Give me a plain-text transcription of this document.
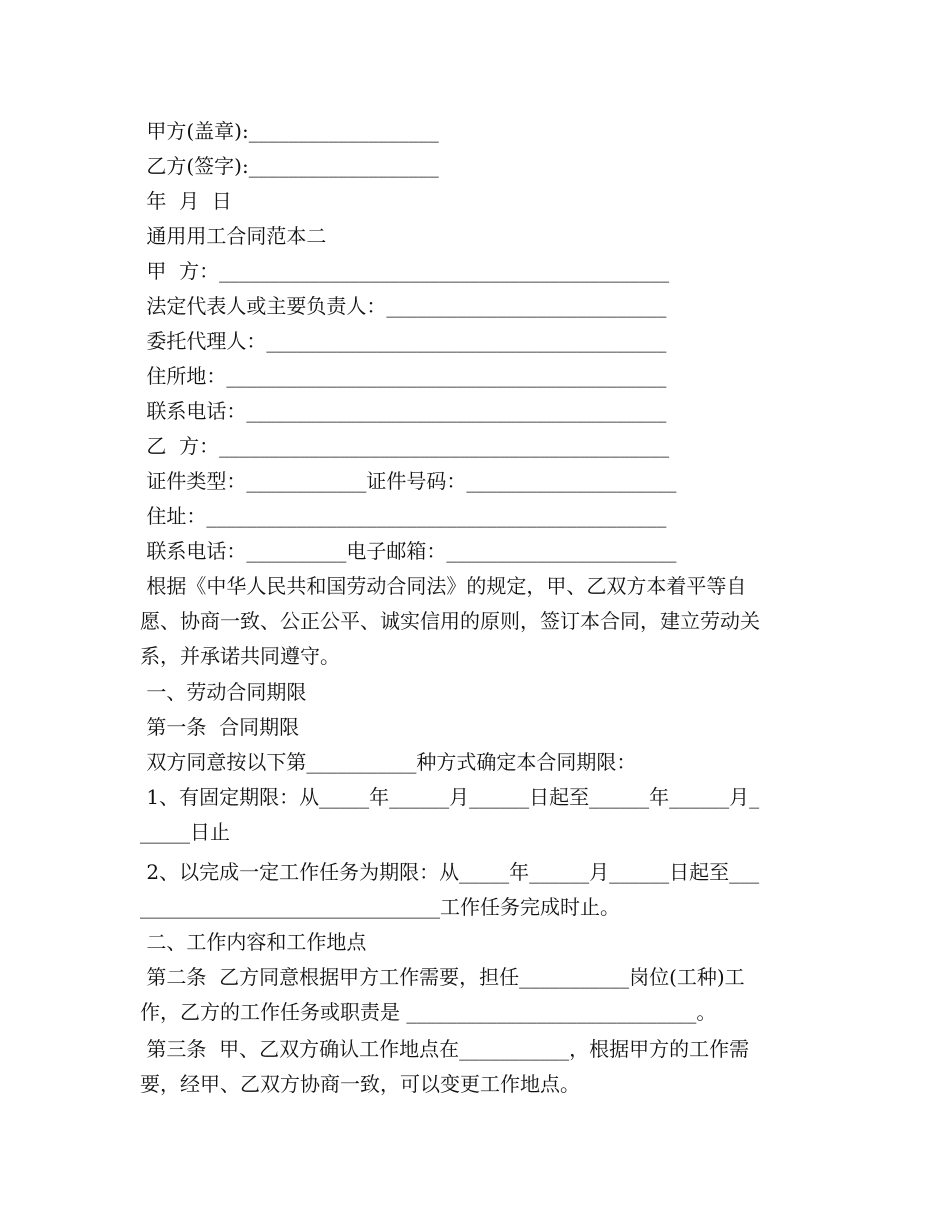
甲方(盖章):___________________
乙方(签字):___________________
年  月  日
通用用工合同范本二
甲  方：_____________________________________________
法定代表人或主要负责人：____________________________
委托代理人：________________________________________
住所地：____________________________________________
联系电话：__________________________________________
乙  方：_____________________________________________
证件类型：____________证件号码：_____________________
住址：______________________________________________
联系电话：__________电子邮箱：_______________________
根据《中华人民共和国劳动合同法》的规定，甲、乙双方本着平等自
愿、协商一致、公正公平、诚实信用的原则，签订本合同，建立劳动关
系，并承诺共同遵守。
一、劳动合同期限
第一条  合同期限
双方同意按以下第___________种方式确定本合同期限：
1、有固定期限：从_____年______月______日起至______年______月_
_____日止
2、以完成一定工作任务为期限：从_____年______月______日起至___
______________________________工作任务完成时止。
二、工作内容和工作地点
第二条  乙方同意根据甲方工作需要，担任___________岗位(工种)工
作，乙方的工作任务或职责是 _____________________________。
第三条  甲、乙双方确认工作地点在___________，根据甲方的工作需
要，经甲、乙双方协商一致，可以变更工作地点。
